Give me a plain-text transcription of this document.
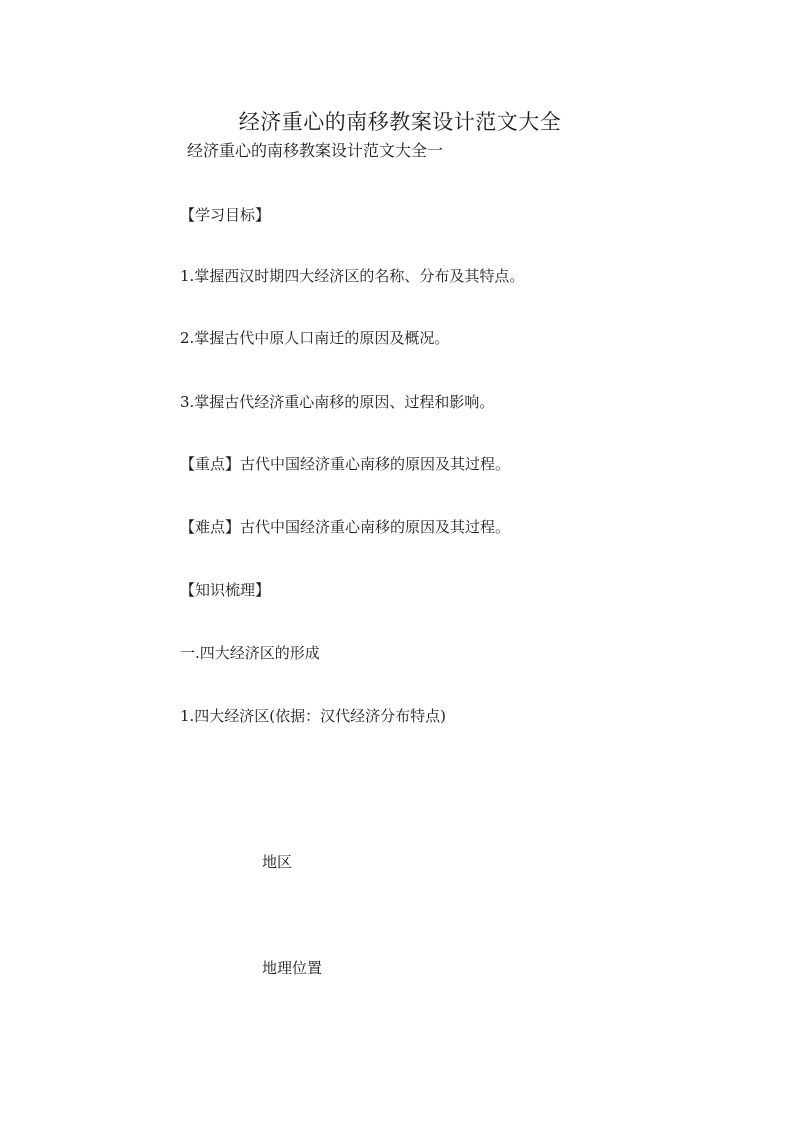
经济重心的南移教案设计范文大全
经济重心的南移教案设计范文大全一
【学习目标】
1.掌握西汉时期四大经济区的名称、分布及其特点。
2.掌握古代中原人口南迁的原因及概况。
3.掌握古代经济重心南移的原因、过程和影响。
【重点】古代中国经济重心南移的原因及其过程。
【难点】古代中国经济重心南移的原因及其过程。
【知识梳理】
一.四大经济区的形成
1.四大经济区(依据：汉代经济分布特点)
地区
地理位置
